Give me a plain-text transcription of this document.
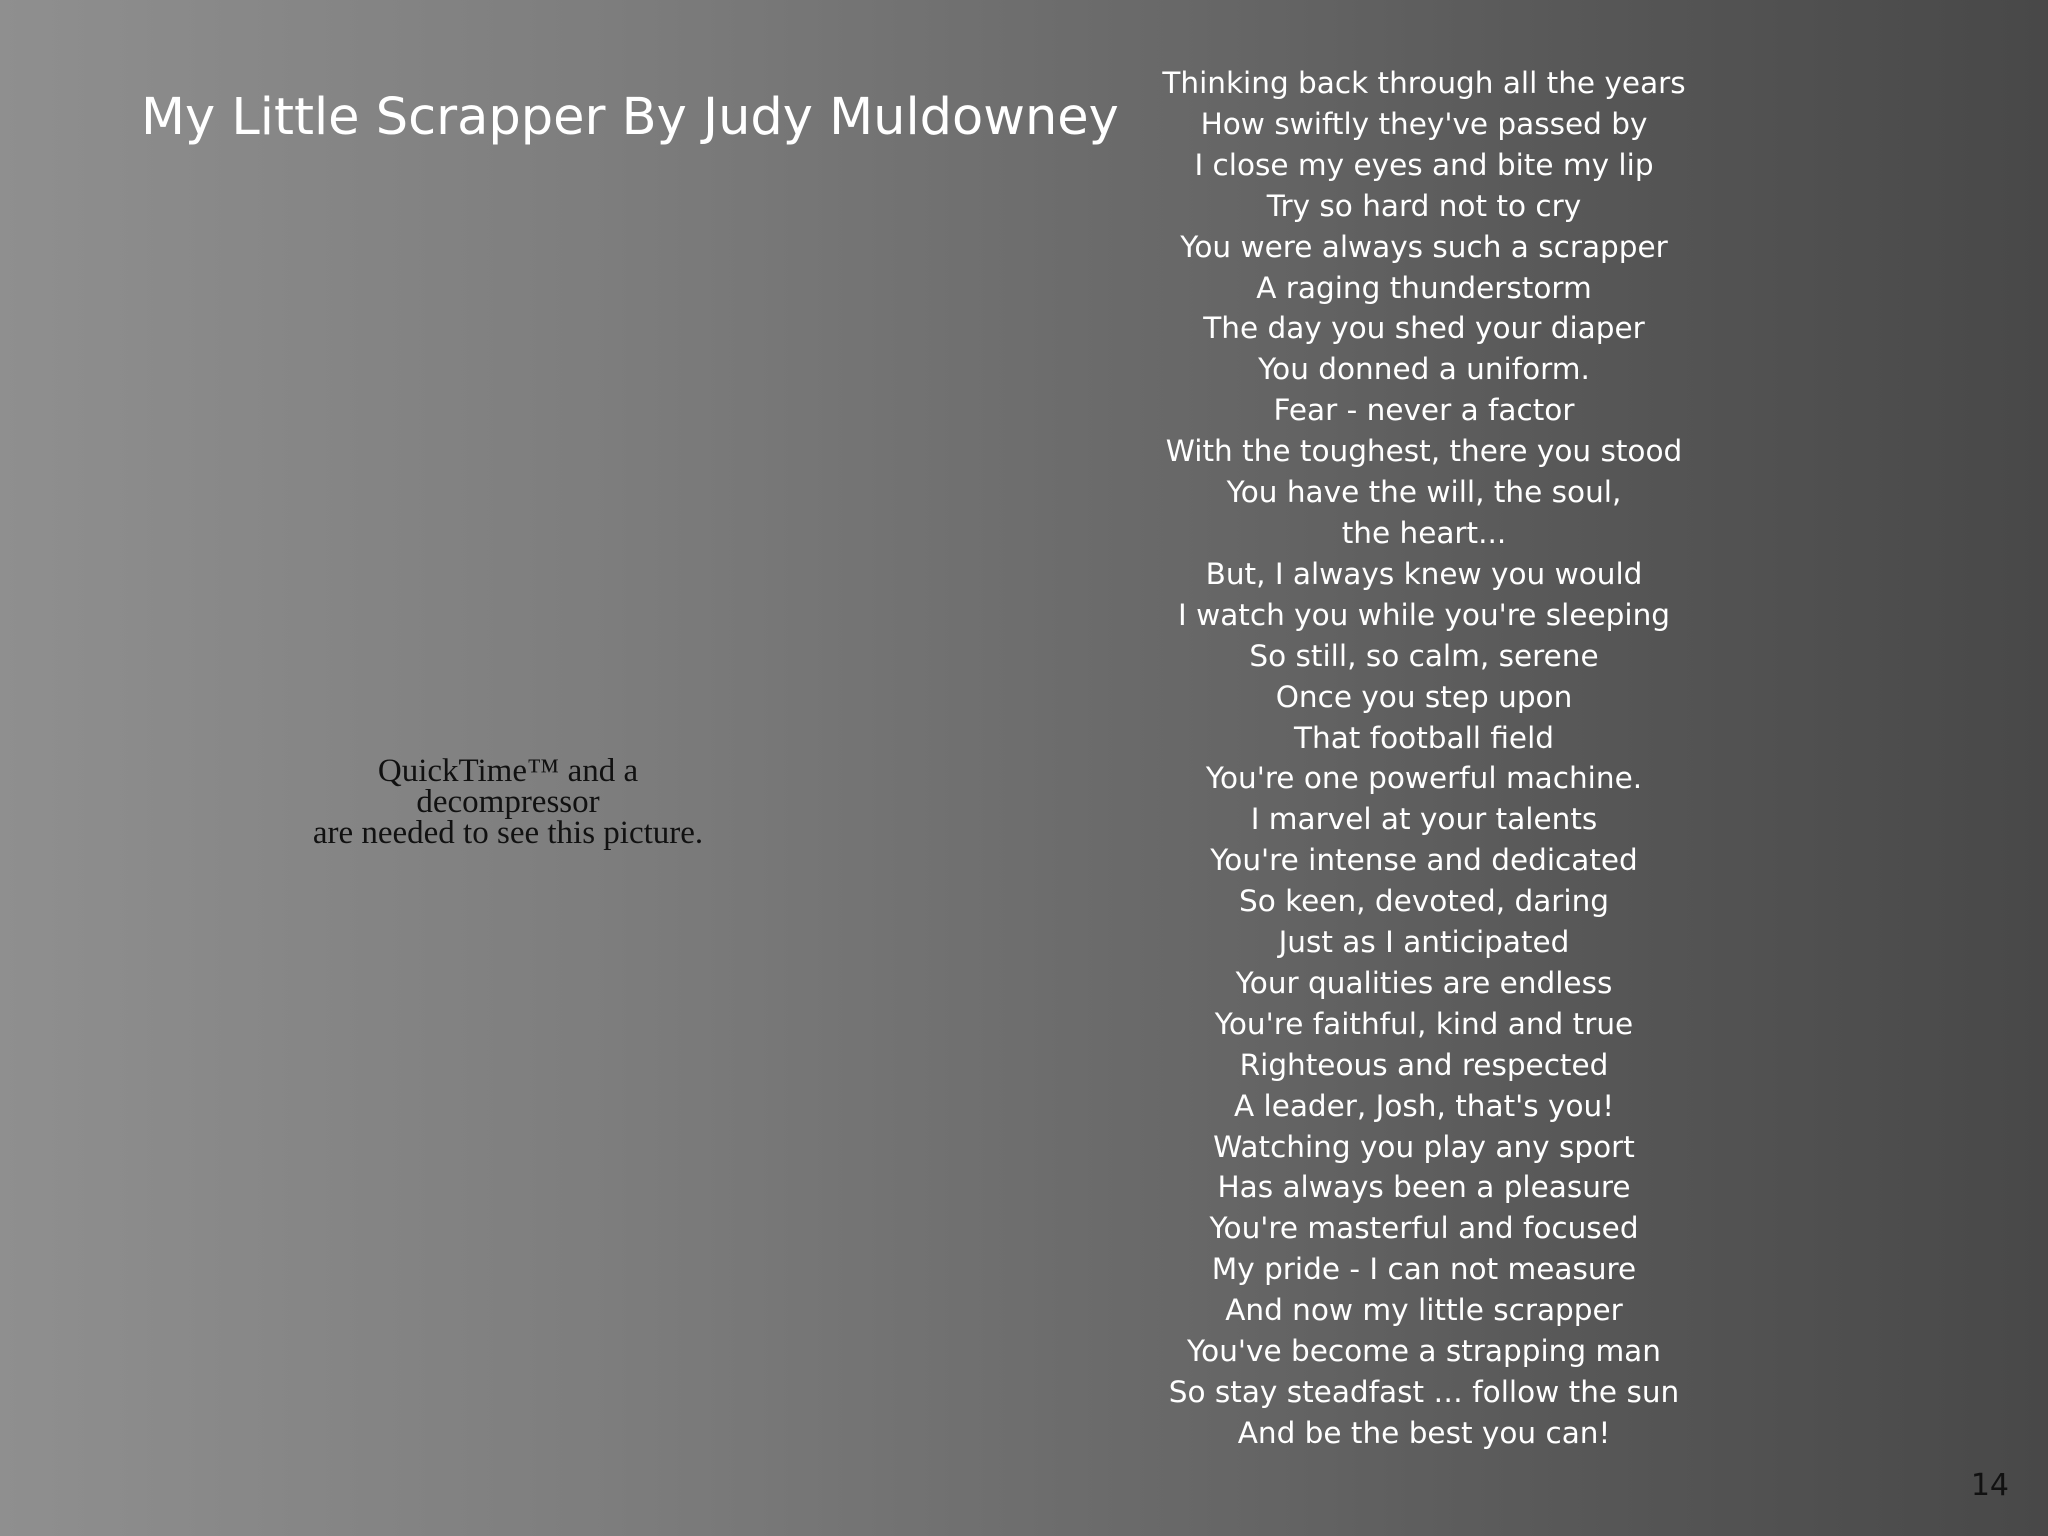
My Little Scrapper By Judy Muldowney
QuickTime™ and a
decompressor
are needed to see this picture.
Thinking back through all the years
How swiftly they've passed by
I close my eyes and bite my lip
Try so hard not to cry
You were always such a scrapper
A raging thunderstorm
The day you shed your diaper
You donned a uniform.
Fear - never a factor
With the toughest, there you stood
You have the will, the soul,
the heart...
But, I always knew you would
I watch you while you're sleeping
So still, so calm, serene
Once you step upon
That football field
You're one powerful machine.
I marvel at your talents
You're intense and dedicated
So keen, devoted, daring
Just as I anticipated
Your qualities are endless
You're faithful, kind and true
Righteous and respected
A leader, Josh, that's you!
Watching you play any sport
Has always been a pleasure
You're masterful and focused
My pride - I can not measure
And now my little scrapper
You've become a strapping man
So stay steadfast … follow the sun
And be the best you can!
14
